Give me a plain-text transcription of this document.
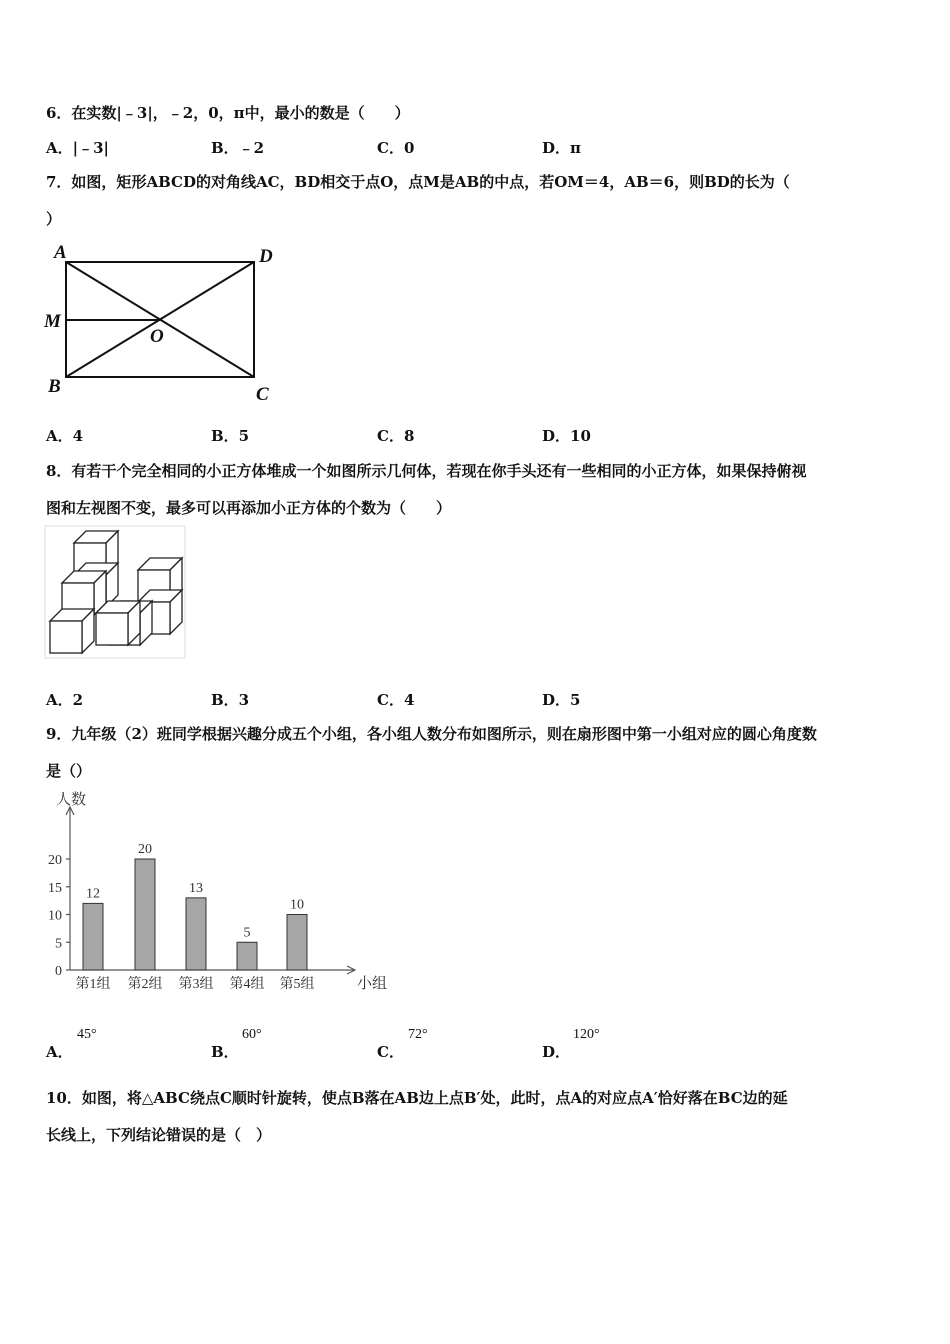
6．在实数|﹣3|，﹣2，0，π中，最小的数是（　　）
A．|﹣3|	B．﹣2	C．0	D．π
7．如图，矩形ABCD的对角线AC，BD相交于点O，点M是AB的中点，若OM＝4，AB＝6，则BD的长为（
）
A	D
M
O
B	C
A．4	B．5	C．8	D．10
8．有若干个完全相同的小正方体堆成一个如图所示几何体，若现在你手头还有一些相同的小正方体，如果保持俯视
图和左视图不变，最多可以再添加小正方体的个数为（　　）
A．2	B．3	C．4	D．5
9．九年级（2）班同学根据兴趣分成五个小组，各小组人数分布如图所示，则在扇形图中第一小组对应的圆心角度数
是（）
0
5
10
15
20
人数
小组
12
第1组
20
第2组
13
第3组
5
第4组
10
第5组
A．
45°
B．
60°
C．
72°
D．
120°
10．如图，将△ABC绕点C顺时针旋转，使点B落在AB边上点B′处，此时，点A的对应点A′恰好落在BC边的延
长线上，下列结论错误的是（　）
